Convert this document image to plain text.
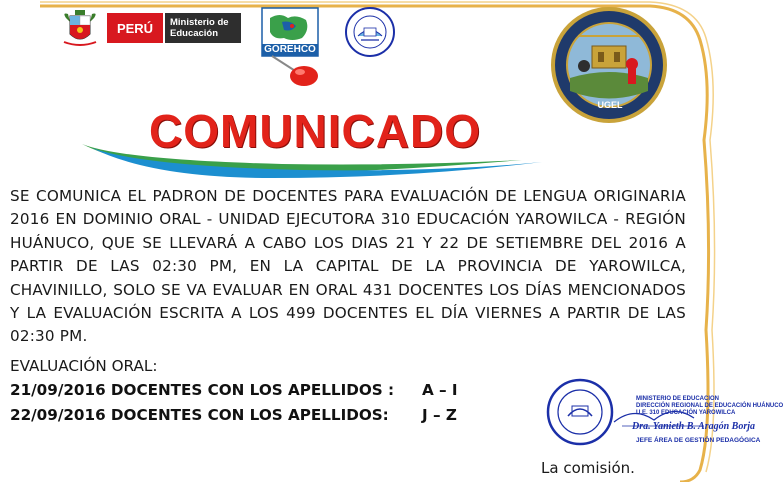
PERÚ Ministerio de
Educación
GOREHCO
UGEL
COMUNICADO
SE COMUNICA EL PADRON DE DOCENTES PARA EVALUACIÓN DE LENGUA ORIGINARIA 2016 EN DOMINIO ORAL - UNIDAD EJECUTORA 310 EDUCACIÓN YAROWILCA - REGIÓN HUÁNUCO, QUE SE LLEVARÁ A CABO LOS DIAS 21 Y 22 DE SETIEMBRE DEL 2016 A PARTIR DE LAS 02:30 PM, EN LA CAPITAL DE LA PROVINCIA DE YAROWILCA, CHAVINILLO, SOLO SE VA EVALUAR EN ORAL 431 DOCENTES LOS DÍAS MENCIONADOS Y LA EVALUACIÓN ESCRITA A LOS 499 DOCENTES EL DÍA VIERNES A PARTIR DE LAS 02:30 PM.
EVALUACIÓN ORAL:
21/09/2016 DOCENTES CON LOS APELLIDOS : A – I
22/09/2016 DOCENTES CON LOS APELLIDOS: J – Z
MINISTERIO DE EDUCACION
DIRECCIÓN REGIONAL DE EDUCACIÓN HUÁNUCO
U.E. 310 EDUCACIÓN YAROWILCA
Dra. Yanieth B. Aragón Borja
JEFE ÁREA DE GESTIÓN PEDAGÓGICA
La comisión.
